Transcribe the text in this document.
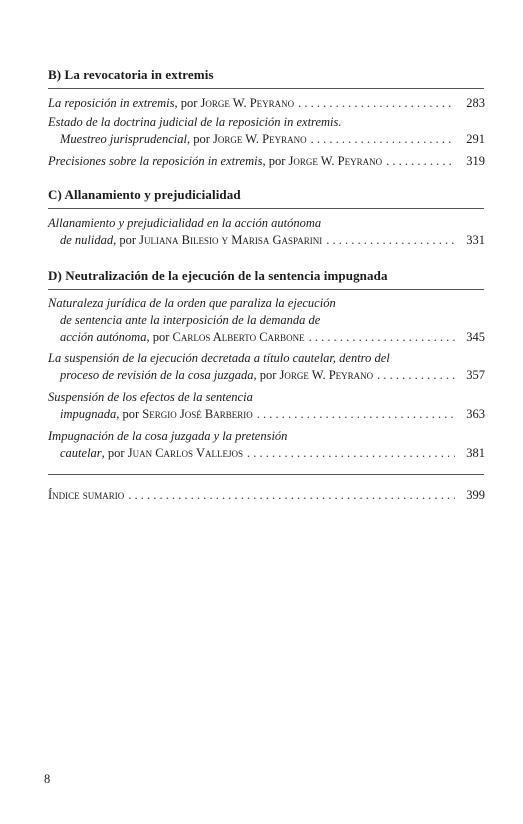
B) La revocatoria in extremis
La reposición in extremis , por Jorge W. Peyrano . . .	283
Estado de la doctrina judicial de la reposición in extremis.
Muestreo jurisprudencial , por Jorge W. Peyrano . . .	291
Precisiones sobre la reposición in extremis , por Jorge W. Peyrano . . .	319
C) Allanamiento y prejudicialidad
Allanamiento y prejudicialidad en la acción autónoma
de nulidad , por Juliana Bilesio y Marisa Gasparini . . .	331
D) Neutralización de la ejecución de la sentencia impugnada
Naturaleza jurídica de la orden que paraliza la ejecución
de sentencia ante la interposición de la demanda de
acción autónoma , por Carlos Alberto Carbone . . .	345
La suspensión de la ejecución decretada a título cautelar, dentro del
proceso de revisión de la cosa juzgada , por Jorge W. Peyrano . . .	357
Suspensión de los efectos de la sentencia
impugnada , por Sergio José Barberio . . .	363
Impugnación de la cosa juzgada y la pretensión
cautelar , por Juan Carlos Vallejos . . .	381
Índice sumario . . .	399
8
